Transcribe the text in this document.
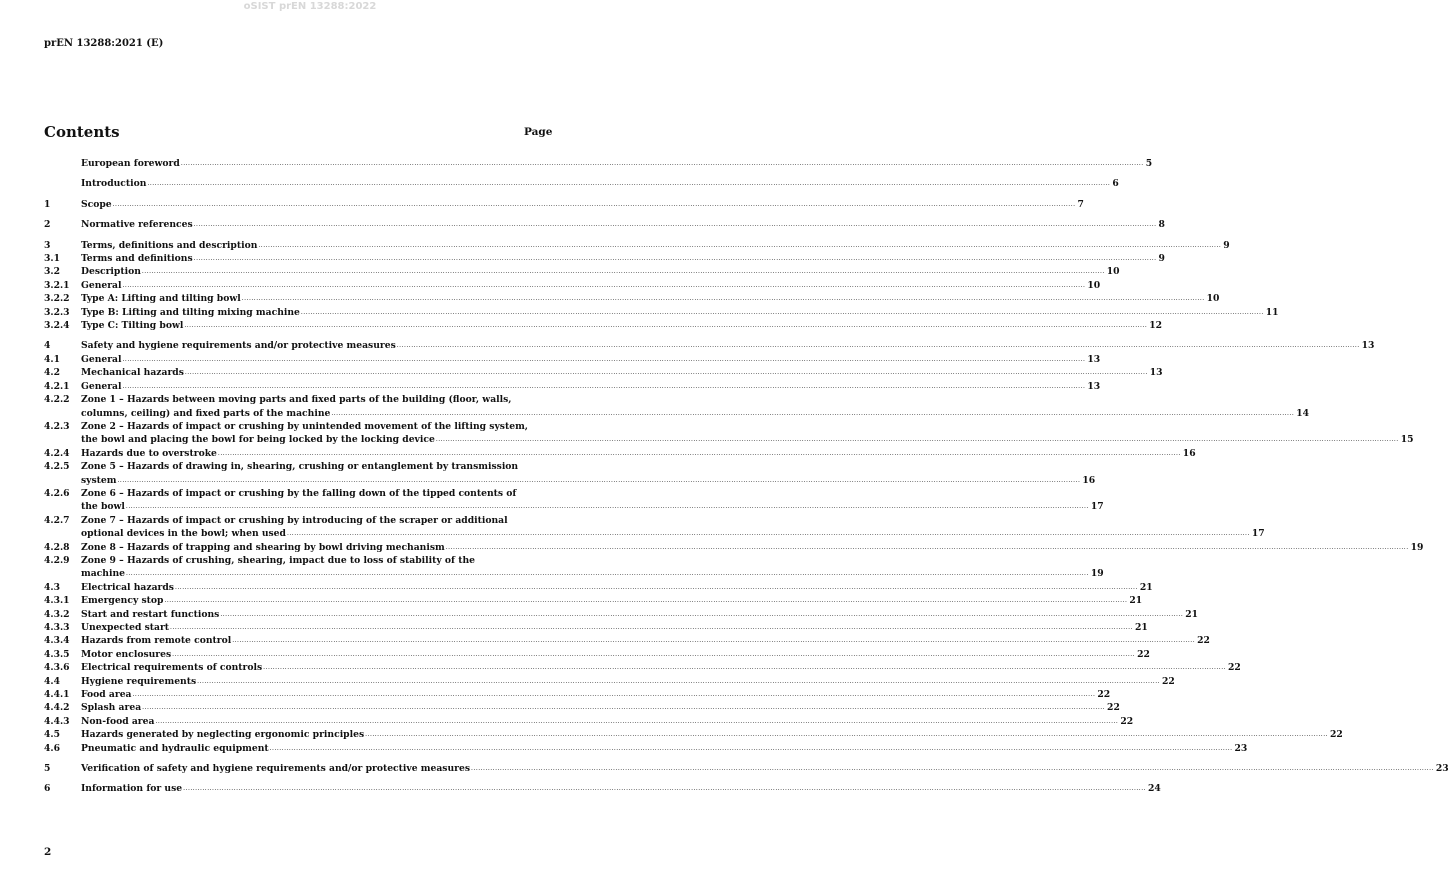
oSIST prEN 13288:2022
prEN 13288:2021 (E)
Contents	Page
European foreword ................................................................................................................................................................................................................................................................................................................................................................................................................ 5
Introduction ................................................................................................................................................................................................................................................................................................................................................................................................................ 6
1	Scope ................................................................................................................................................................................................................................................................................................................................................................................................................ 7
2	Normative references ................................................................................................................................................................................................................................................................................................................................................................................................................ 8
3	Terms, definitions and description ................................................................................................................................................................................................................................................................................................................................................................................................................ 9
3.1	Terms and definitions ................................................................................................................................................................................................................................................................................................................................................................................................................ 9
3.2	Description ................................................................................................................................................................................................................................................................................................................................................................................................................ 10
3.2.1	General ................................................................................................................................................................................................................................................................................................................................................................................................................ 10
3.2.2	Type A: Lifting and tilting bowl ................................................................................................................................................................................................................................................................................................................................................................................................................ 10
3.2.3	Type B: Lifting and tilting mixing machine ................................................................................................................................................................................................................................................................................................................................................................................................................ 11
3.2.4	Type C: Tilting bowl ................................................................................................................................................................................................................................................................................................................................................................................................................ 12
4	Safety and hygiene requirements and/or protective measures ................................................................................................................................................................................................................................................................................................................................................................................................................ 13
4.1	General ................................................................................................................................................................................................................................................................................................................................................................................................................ 13
4.2	Mechanical hazards ................................................................................................................................................................................................................................................................................................................................................................................................................ 13
4.2.1	General ................................................................................................................................................................................................................................................................................................................................................................................................................ 13
4.2.2	Zone 1 – Hazards between moving parts and fixed parts of the building (floor, walls,
columns, ceiling) and fixed parts of the machine ................................................................................................................................................................................................................................................................................................................................................................................................................ 14
4.2.3	Zone 2 – Hazards of impact or crushing by unintended movement of the lifting system,
the bowl and placing the bowl for being locked by the locking device ................................................................................................................................................................................................................................................................................................................................................................................................................ 15
4.2.4	Hazards due to overstroke ................................................................................................................................................................................................................................................................................................................................................................................................................ 16
4.2.5	Zone 5 – Hazards of drawing in, shearing, crushing or entanglement by transmission
system ................................................................................................................................................................................................................................................................................................................................................................................................................ 16
4.2.6	Zone 6 – Hazards of impact or crushing by the falling down of the tipped contents of
the bowl ................................................................................................................................................................................................................................................................................................................................................................................................................ 17
4.2.7	Zone 7 – Hazards of impact or crushing by introducing of the scraper or additional
optional devices in the bowl; when used ................................................................................................................................................................................................................................................................................................................................................................................................................ 17
4.2.8	Zone 8 – Hazards of trapping and shearing by bowl driving mechanism ................................................................................................................................................................................................................................................................................................................................................................................................................ 19
4.2.9	Zone 9 – Hazards of crushing, shearing, impact due to loss of stability of the
machine ................................................................................................................................................................................................................................................................................................................................................................................................................ 19
4.3	Electrical hazards ................................................................................................................................................................................................................................................................................................................................................................................................................ 21
4.3.1	Emergency stop ................................................................................................................................................................................................................................................................................................................................................................................................................ 21
4.3.2	Start and restart functions ................................................................................................................................................................................................................................................................................................................................................................................................................ 21
4.3.3	Unexpected start ................................................................................................................................................................................................................................................................................................................................................................................................................ 21
4.3.4	Hazards from remote control ................................................................................................................................................................................................................................................................................................................................................................................................................ 22
4.3.5	Motor enclosures ................................................................................................................................................................................................................................................................................................................................................................................................................ 22
4.3.6	Electrical requirements of controls ................................................................................................................................................................................................................................................................................................................................................................................................................ 22
4.4	Hygiene requirements ................................................................................................................................................................................................................................................................................................................................................................................................................ 22
4.4.1	Food area ................................................................................................................................................................................................................................................................................................................................................................................................................ 22
4.4.2	Splash area ................................................................................................................................................................................................................................................................................................................................................................................................................ 22
4.4.3	Non-food area ................................................................................................................................................................................................................................................................................................................................................................................................................ 22
4.5	Hazards generated by neglecting ergonomic principles ................................................................................................................................................................................................................................................................................................................................................................................................................ 22
4.6	Pneumatic and hydraulic equipment ................................................................................................................................................................................................................................................................................................................................................................................................................ 23
5	Verification of safety and hygiene requirements and/or protective measures ................................................................................................................................................................................................................................................................................................................................................................................................................ 23
6	Information for use ................................................................................................................................................................................................................................................................................................................................................................................................................ 24
2
